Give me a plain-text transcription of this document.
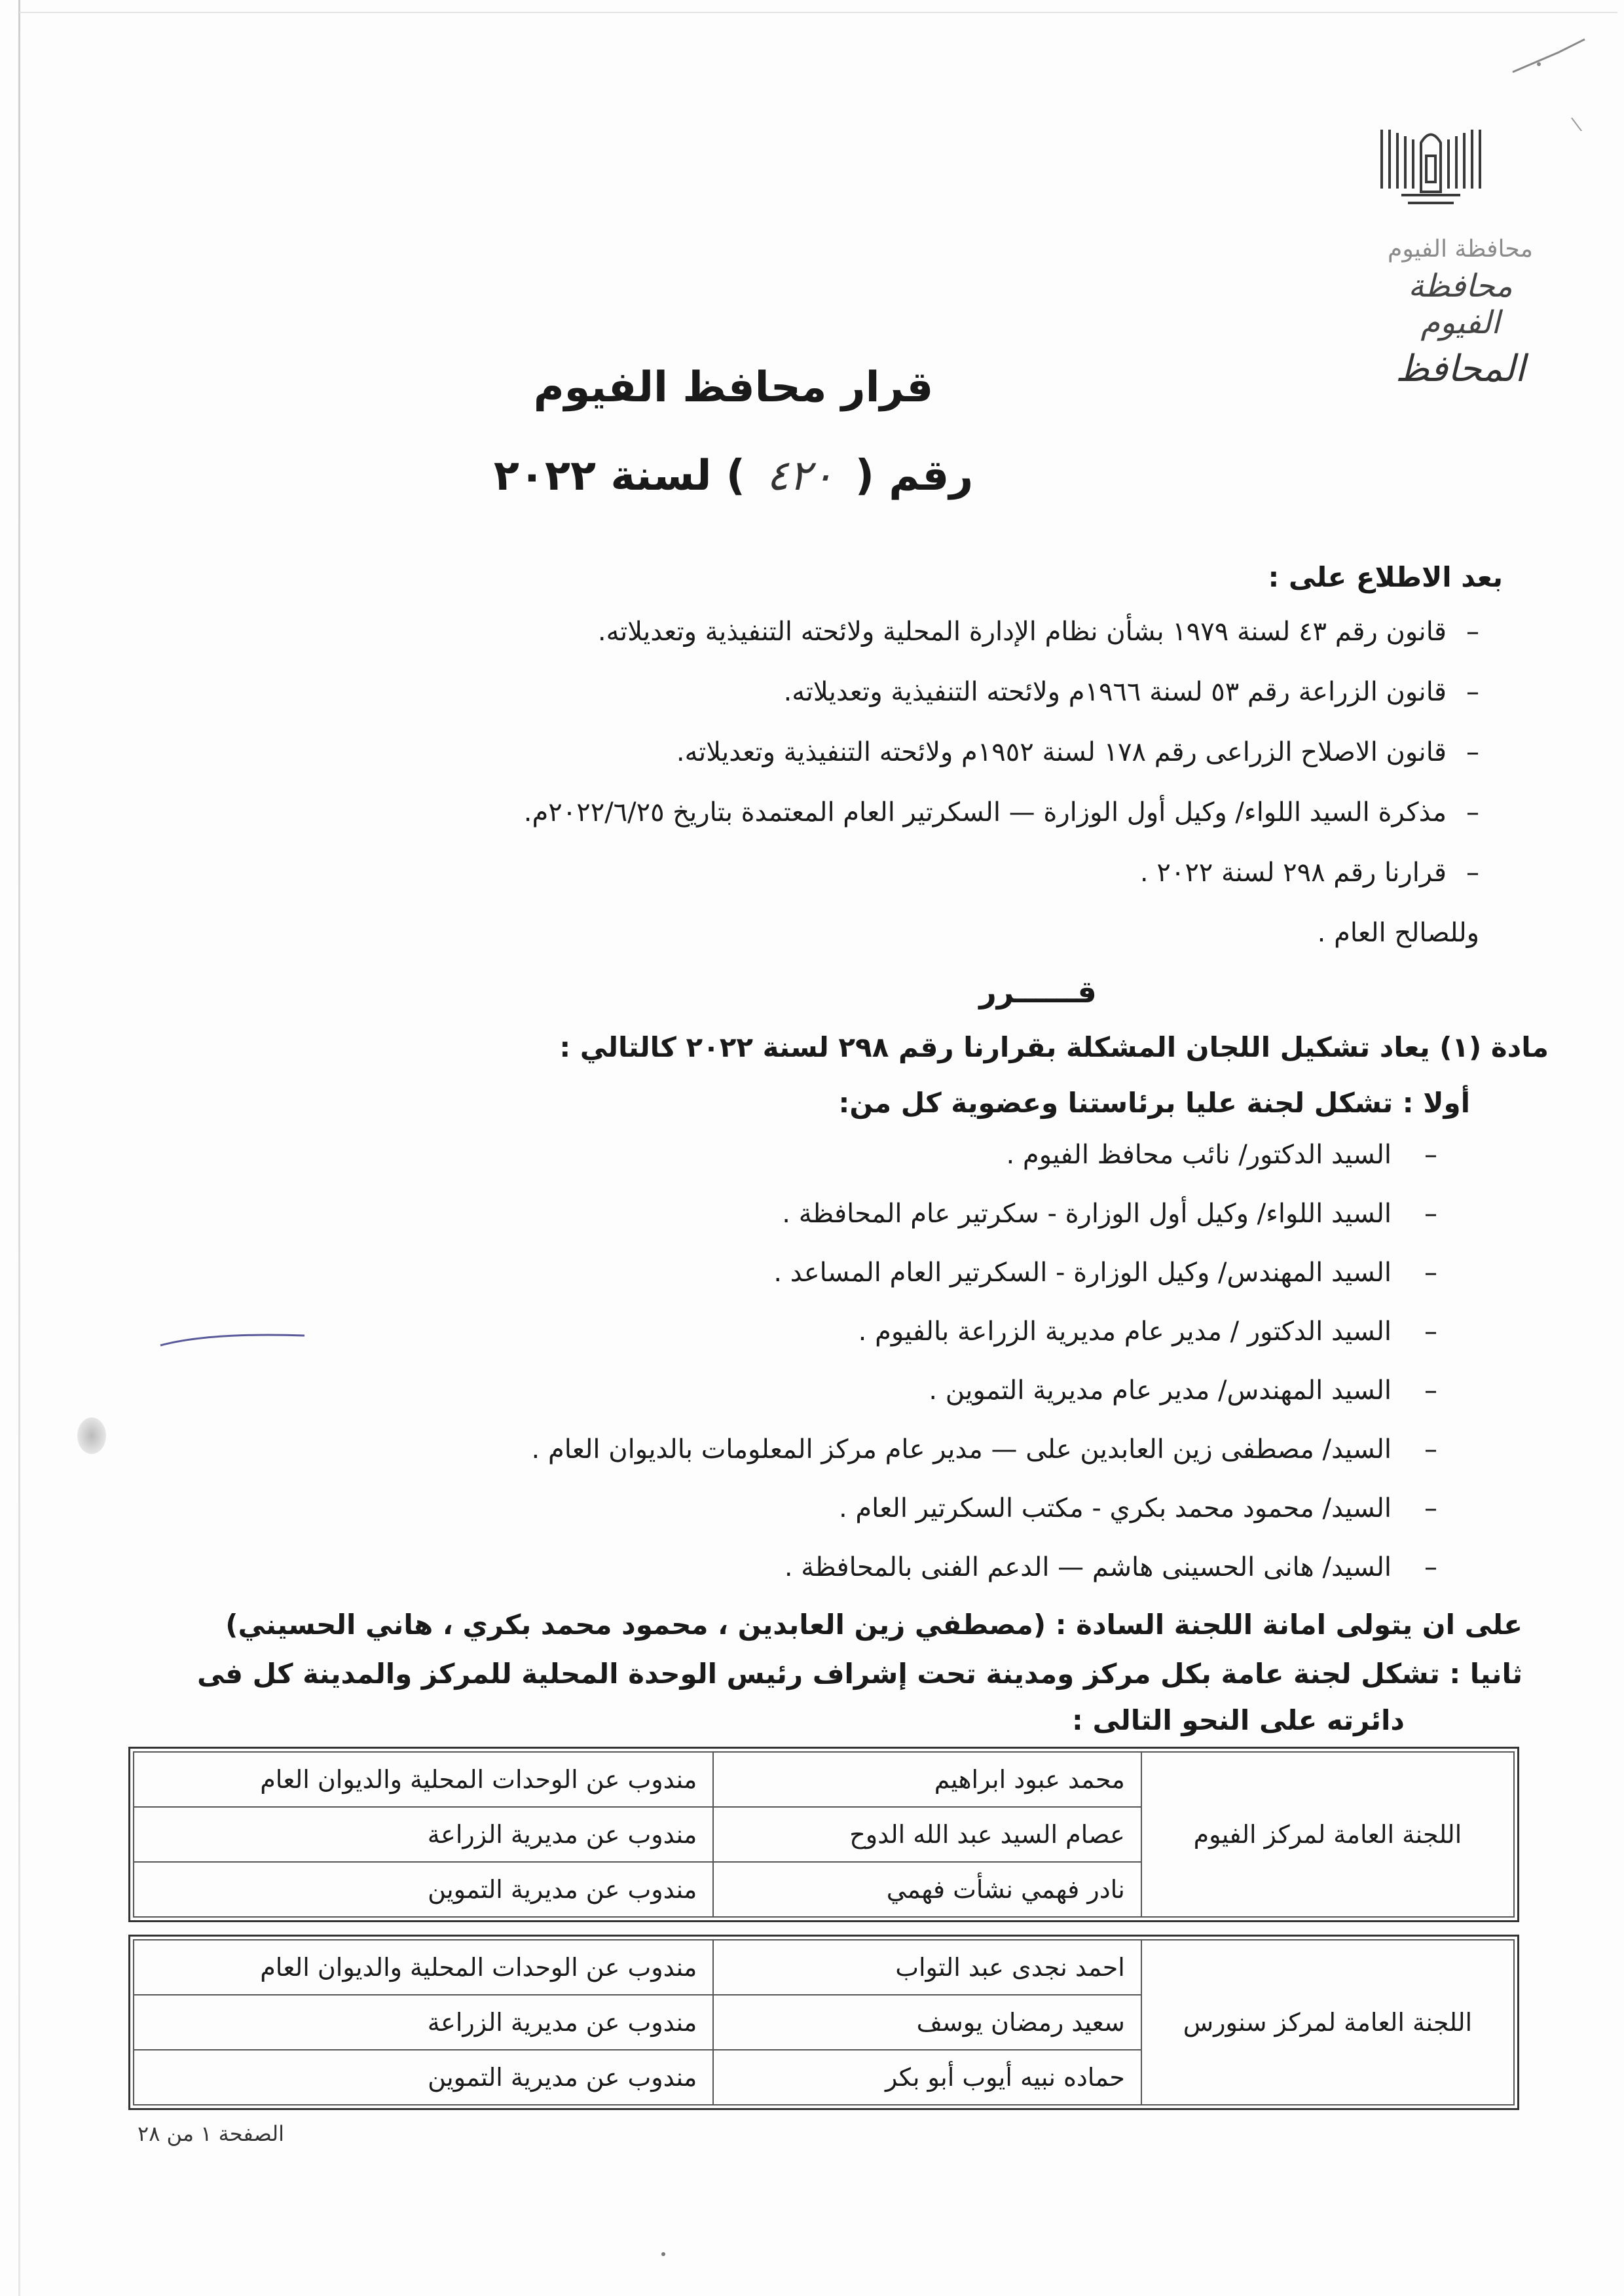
محافظة الفيوم
محافظة الفيوم
المحافظ
قرار محافظ الفيوم
رقم ( ٤٢٠ ) لسنة ٢٠٢٢
بعد الاطلاع على :
– قانون رقم ٤٣ لسنة ١٩٧٩ بشأن نظام الإدارة المحلية ولائحته التنفيذية وتعديلاته.
– قانون الزراعة رقم ٥٣ لسنة ١٩٦٦م ولائحته التنفيذية وتعديلاته.
– قانون الاصلاح الزراعى رقم ١٧٨ لسنة ١٩٥٢م ولائحته التنفيذية وتعديلاته.
– مذكرة السيد اللواء/ وكيل أول الوزارة — السكرتير العام المعتمدة بتاريخ ٢٠٢٢/٦/٢٥م.
– قرارنا رقم ٢٩٨ لسنة ٢٠٢٢ .
وللصالح العام .
قــــــرر
مادة (١) يعاد تشكيل اللجان المشكلة بقرارنا رقم ٢٩٨ لسنة ٢٠٢٢ كالتالي :
أولا : تشكل لجنة عليا برئاستنا وعضوية كل من:
– السيد الدكتور/ نائب محافظ الفيوم .
– السيد اللواء/ وكيل أول الوزارة - سكرتير عام المحافظة .
– السيد المهندس/ وكيل الوزارة - السكرتير العام المساعد .
– السيد الدكتور / مدير عام مديرية الزراعة بالفيوم .
– السيد المهندس/ مدير عام مديرية التموين .
– السيد/ مصطفى زين العابدين على — مدير عام مركز المعلومات بالديوان العام .
– السيد/ محمود محمد بكري - مكتب السكرتير العام .
– السيد/ هانى الحسينى هاشم — الدعم الفنى بالمحافظة .
على ان يتولى امانة اللجنة السادة : (مصطفي زين العابدين ، محمود محمد بكري ، هاني الحسيني)
ثانيا : تشكل لجنة عامة بكل مركز ومدينة تحت إشراف رئيس الوحدة المحلية للمركز والمدينة كل فى
دائرته على النحو التالى :
اللجنة العامة لمركز الفيوم	محمد عبود ابراهيم	مندوب عن الوحدات المحلية والديوان العام
	عصام السيد عبد الله الدوح	مندوب عن مديرية الزراعة
	نادر فهمي نشأت فهمي	مندوب عن مديرية التموين
اللجنة العامة لمركز سنورس	احمد نجدى عبد التواب	مندوب عن الوحدات المحلية والديوان العام
	سعيد رمضان يوسف	مندوب عن مديرية الزراعة
	حماده نبيه أيوب أبو بكر	مندوب عن مديرية التموين
الصفحة ١ من ٢٨
